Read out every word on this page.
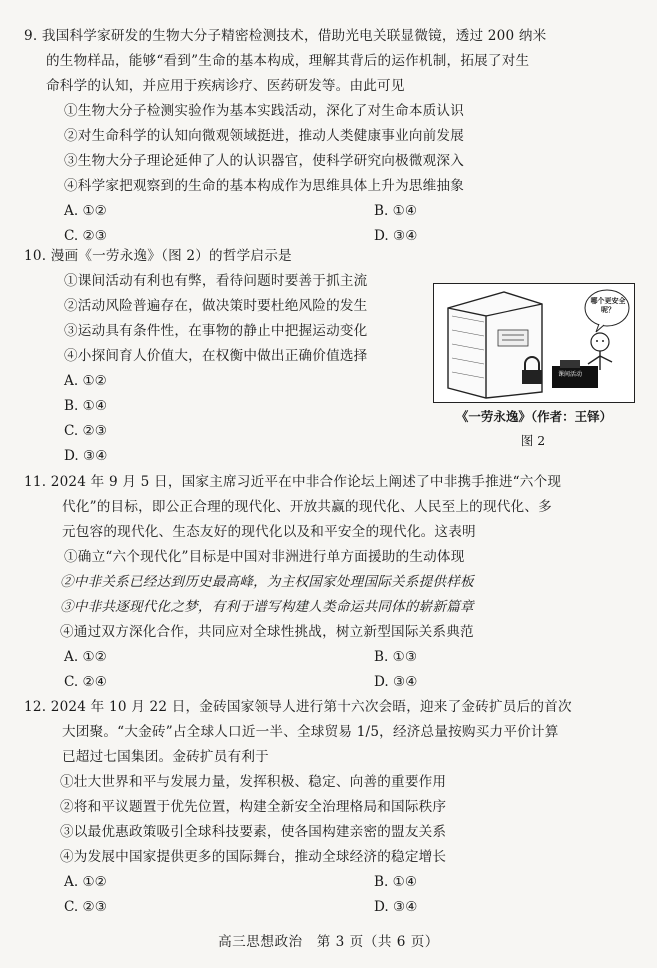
9. 我国科学家研发的生物大分子精密检测技术，借助光电关联显微镜，透过 200 纳米
的生物样品，能够“看到”生命的基本构成，理解其背后的运作机制，拓展了对生
命科学的认知，并应用于疾病诊疗、医药研发等。由此可见
①生物大分子检测实验作为基本实践活动，深化了对生命本质认识
②对生命科学的认知向微观领域挺进，推动人类健康事业向前发展
③生物大分子理论延伸了人的认识器官，使科学研究向极微观深入
④科学家把观察到的生命的基本构成作为思维具体上升为思维抽象
A. ①②	B. ①④
C. ②③	D. ③④
10. 漫画《一劳永逸》（图 2）的哲学启示是
①课间活动有利也有弊，看待问题时要善于抓主流
②活动风险普遍存在，做决策时要杜绝风险的发生
③运动具有条件性，在事物的静止中把握运动变化
④小探间育人价值大，在权衡中做出正确价值选择
A. ①②
B. ①④
C. ②③
D. ③④
哪个更安全呢？
课间活动
《一劳永逸》（作者：王铎）
图 2
11. 2024 年 9 月 5 日，国家主席习近平在中非合作论坛上阐述了中非携手推进“六个现
代化”的目标，即公正合理的现代化、开放共赢的现代化、人民至上的现代化、多
元包容的现代化、生态友好的现代化以及和平安全的现代化。这表明
①确立“六个现代化”目标是中国对非洲进行单方面援助的生动体现
②中非关系已经达到历史最高峰，为主权国家处理国际关系提供样板
③中非共逐现代化之梦，有利于谱写构建人类命运共同体的崭新篇章
④通过双方深化合作，共同应对全球性挑战，树立新型国际关系典范
A. ①②	B. ①③
C. ②④	D. ③④
12. 2024 年 10 月 22 日，金砖国家领导人进行第十六次会晤，迎来了金砖扩员后的首次
大团聚。“大金砖”占全球人口近一半、全球贸易 1/5，经济总量按购买力平价计算
已超过七国集团。金砖扩员有利于
①壮大世界和平与发展力量，发挥积极、稳定、向善的重要作用
②将和平议题置于优先位置，构建全新安全治理格局和国际秩序
③以最优惠政策吸引全球科技要素，使各国构建亲密的盟友关系
④为发展中国家提供更多的国际舞台，推动全球经济的稳定增长
A. ①②	B. ①④
C. ②③	D. ③④
高三思想政治　第 3 页（共 6 页）
